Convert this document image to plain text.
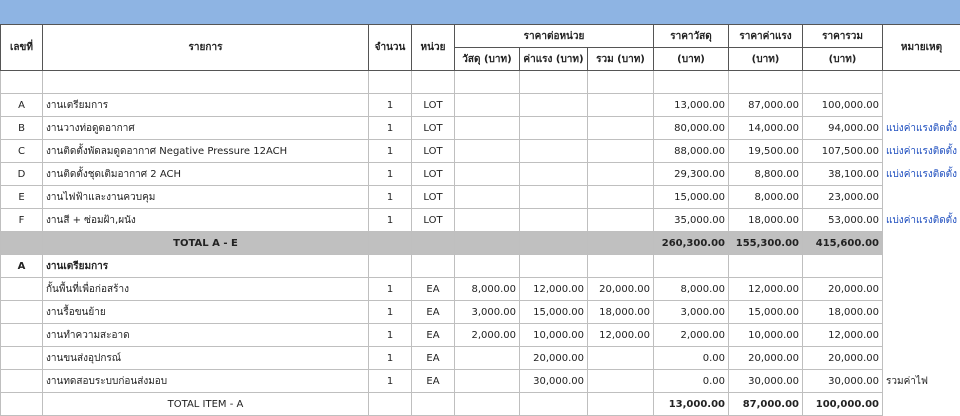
เลขที่	รายการ	จำนวน	หน่วย	ราคาต่อหน่วย			ราคาวัสดุ	ราคาค่าแรง	ราคารวม	หมายเหตุ
				วัสดุ (บาท)	ค่าแรง (บาท)	รวม (บาท)	(บาท)	(บาท)	(บาท)	

A	งานเตรียมการ	1	LOT				13,000.00	87,000.00	100,000.00	
B	งานวางท่อดูดอากาศ	1	LOT				80,000.00	14,000.00	94,000.00	แบ่งค่าแรงติดตั้ง
C	งานติดตั้งพัดลมดูดอากาศ Negative Pressure 12ACH	1	LOT				88,000.00	19,500.00	107,500.00	แบ่งค่าแรงติดตั้ง
D	งานติดตั้งชุดเติมอากาศ 2 ACH	1	LOT				29,300.00	8,800.00	38,100.00	แบ่งค่าแรงติดตั้ง
E	งานไฟฟ้าและงานควบคุม	1	LOT				15,000.00	8,000.00	23,000.00	
F	งานสี + ซ่อมฝ้า,ผนัง	1	LOT				35,000.00	18,000.00	53,000.00	แบ่งค่าแรงติดตั้ง
	TOTAL A - E						260,300.00	155,300.00	415,600.00	
A	งานเตรียมการ									
	กั้นพื้นที่เพื่อก่อสร้าง	1	EA	8,000.00	12,000.00	20,000.00	8,000.00	12,000.00	20,000.00	
	งานรื้อขนย้าย	1	EA	3,000.00	15,000.00	18,000.00	3,000.00	15,000.00	18,000.00	
	งานทำความสะอาด	1	EA	2,000.00	10,000.00	12,000.00	2,000.00	10,000.00	12,000.00	
	งานขนส่งอุปกรณ์	1	EA		20,000.00		0.00	20,000.00	20,000.00	
	งานทดสอบระบบก่อนส่งมอบ	1	EA		30,000.00		0.00	30,000.00	30,000.00	รวมค่าไฟ
	TOTAL ITEM - A						13,000.00	87,000.00	100,000.00	
